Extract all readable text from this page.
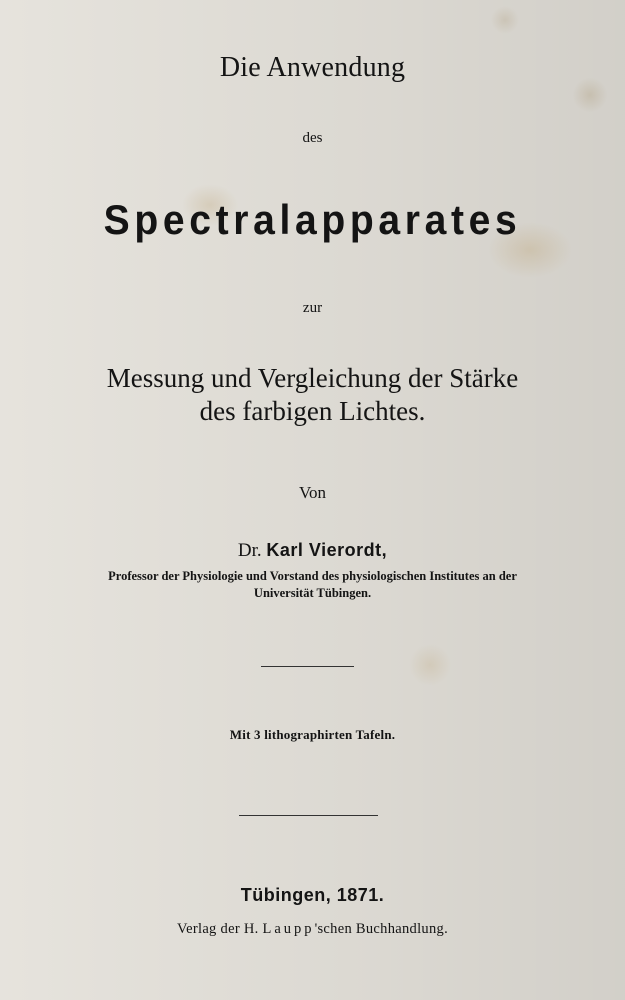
Die Anwendung
des
Spectralapparates
zur
Messung und Vergleichung der Stärke
des farbigen Lichtes.
Von
Dr. Karl Vierordt,
Professor der Physiologie und Vorstand des physiologischen Institutes an der
Universität Tübingen.
Mit 3 lithographirten Tafeln.
Tübingen, 1871.
Verlag der H. Laupp'schen Buchhandlung.
